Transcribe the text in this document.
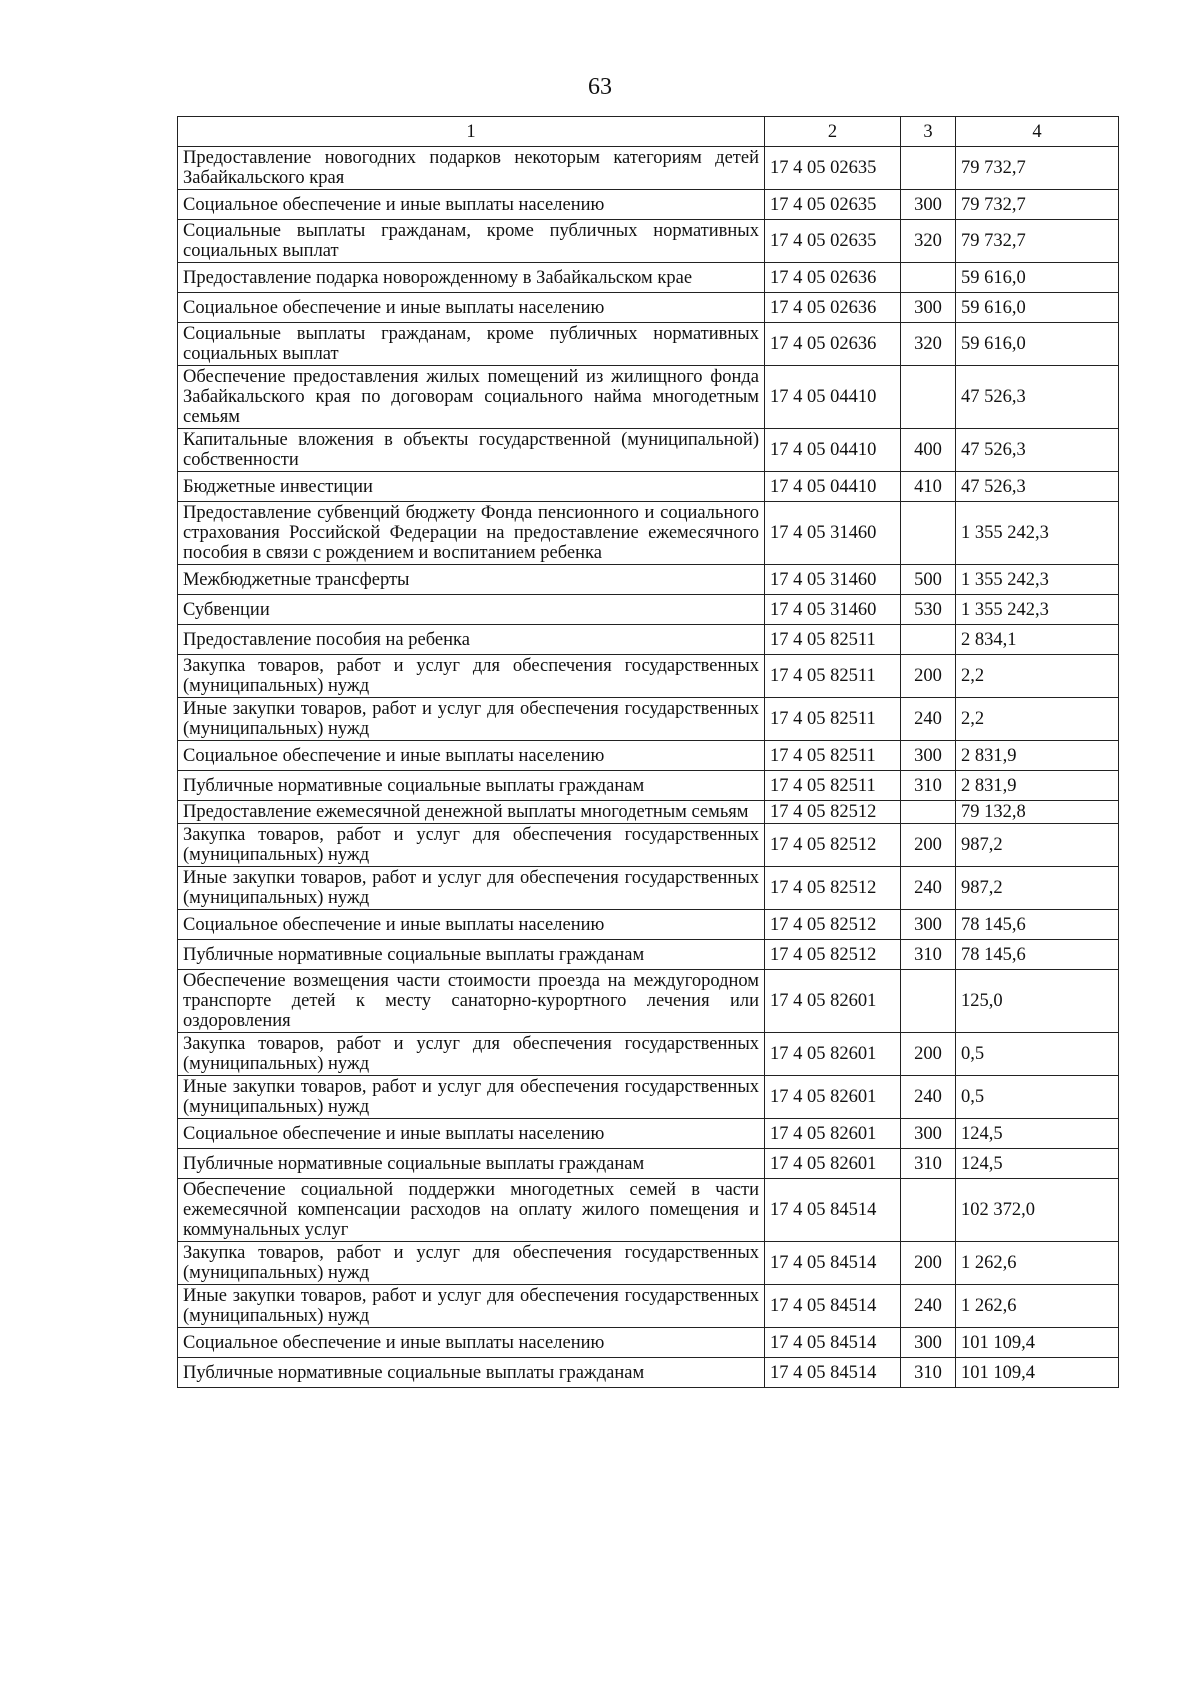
63
1	2	3	4
Предоставление новогодних подарков некоторым категориям детей Забайкальского края	17 4 05 02635		79 732,7
Социальное обеспечение и иные выплаты населению	17 4 05 02635	300	79 732,7
Социальные выплаты гражданам, кроме публичных нормативных социальных выплат	17 4 05 02635	320	79 732,7
Предоставление подарка новорожденному в Забайкальском крае	17 4 05 02636		59 616,0
Социальное обеспечение и иные выплаты населению	17 4 05 02636	300	59 616,0
Социальные выплаты гражданам, кроме публичных нормативных социальных выплат	17 4 05 02636	320	59 616,0
Обеспечение предоставления жилых помещений из жилищного фонда Забайкальского края по договорам социального найма многодетным семьям	17 4 05 04410		47 526,3
Капитальные вложения в объекты государственной (муниципальной) собственности	17 4 05 04410	400	47 526,3
Бюджетные инвестиции	17 4 05 04410	410	47 526,3
Предоставление субвенций бюджету Фонда пенсионного и социального страхования Российской Федерации на предоставление ежемесячного пособия в связи с рождением и воспитанием ребенка	17 4 05 31460		1 355 242,3
Межбюджетные трансферты	17 4 05 31460	500	1 355 242,3
Субвенции	17 4 05 31460	530	1 355 242,3
Предоставление пособия на ребенка	17 4 05 82511		2 834,1
Закупка товаров, работ и услуг для обеспечения государственных (муниципальных) нужд	17 4 05 82511	200	2,2
Иные закупки товаров, работ и услуг для обеспечения государственных (муниципальных) нужд	17 4 05 82511	240	2,2
Социальное обеспечение и иные выплаты населению	17 4 05 82511	300	2 831,9
Публичные нормативные социальные выплаты гражданам	17 4 05 82511	310	2 831,9
Предоставление ежемесячной денежной выплаты многодетным семьям	17 4 05 82512		79 132,8
Закупка товаров, работ и услуг для обеспечения государственных (муниципальных) нужд	17 4 05 82512	200	987,2
Иные закупки товаров, работ и услуг для обеспечения государственных (муниципальных) нужд	17 4 05 82512	240	987,2
Социальное обеспечение и иные выплаты населению	17 4 05 82512	300	78 145,6
Публичные нормативные социальные выплаты гражданам	17 4 05 82512	310	78 145,6
Обеспечение возмещения части стоимости проезда на междугородном транспорте детей к месту санаторно-курортного лечения или оздоровления	17 4 05 82601		125,0
Закупка товаров, работ и услуг для обеспечения государственных (муниципальных) нужд	17 4 05 82601	200	0,5
Иные закупки товаров, работ и услуг для обеспечения государственных (муниципальных) нужд	17 4 05 82601	240	0,5
Социальное обеспечение и иные выплаты населению	17 4 05 82601	300	124,5
Публичные нормативные социальные выплаты гражданам	17 4 05 82601	310	124,5
Обеспечение социальной поддержки многодетных семей в части ежемесячной компенсации расходов на оплату жилого помещения и коммунальных услуг	17 4 05 84514		102 372,0
Закупка товаров, работ и услуг для обеспечения государственных (муниципальных) нужд	17 4 05 84514	200	1 262,6
Иные закупки товаров, работ и услуг для обеспечения государственных (муниципальных) нужд	17 4 05 84514	240	1 262,6
Социальное обеспечение и иные выплаты населению	17 4 05 84514	300	101 109,4
Публичные нормативные социальные выплаты гражданам	17 4 05 84514	310	101 109,4
